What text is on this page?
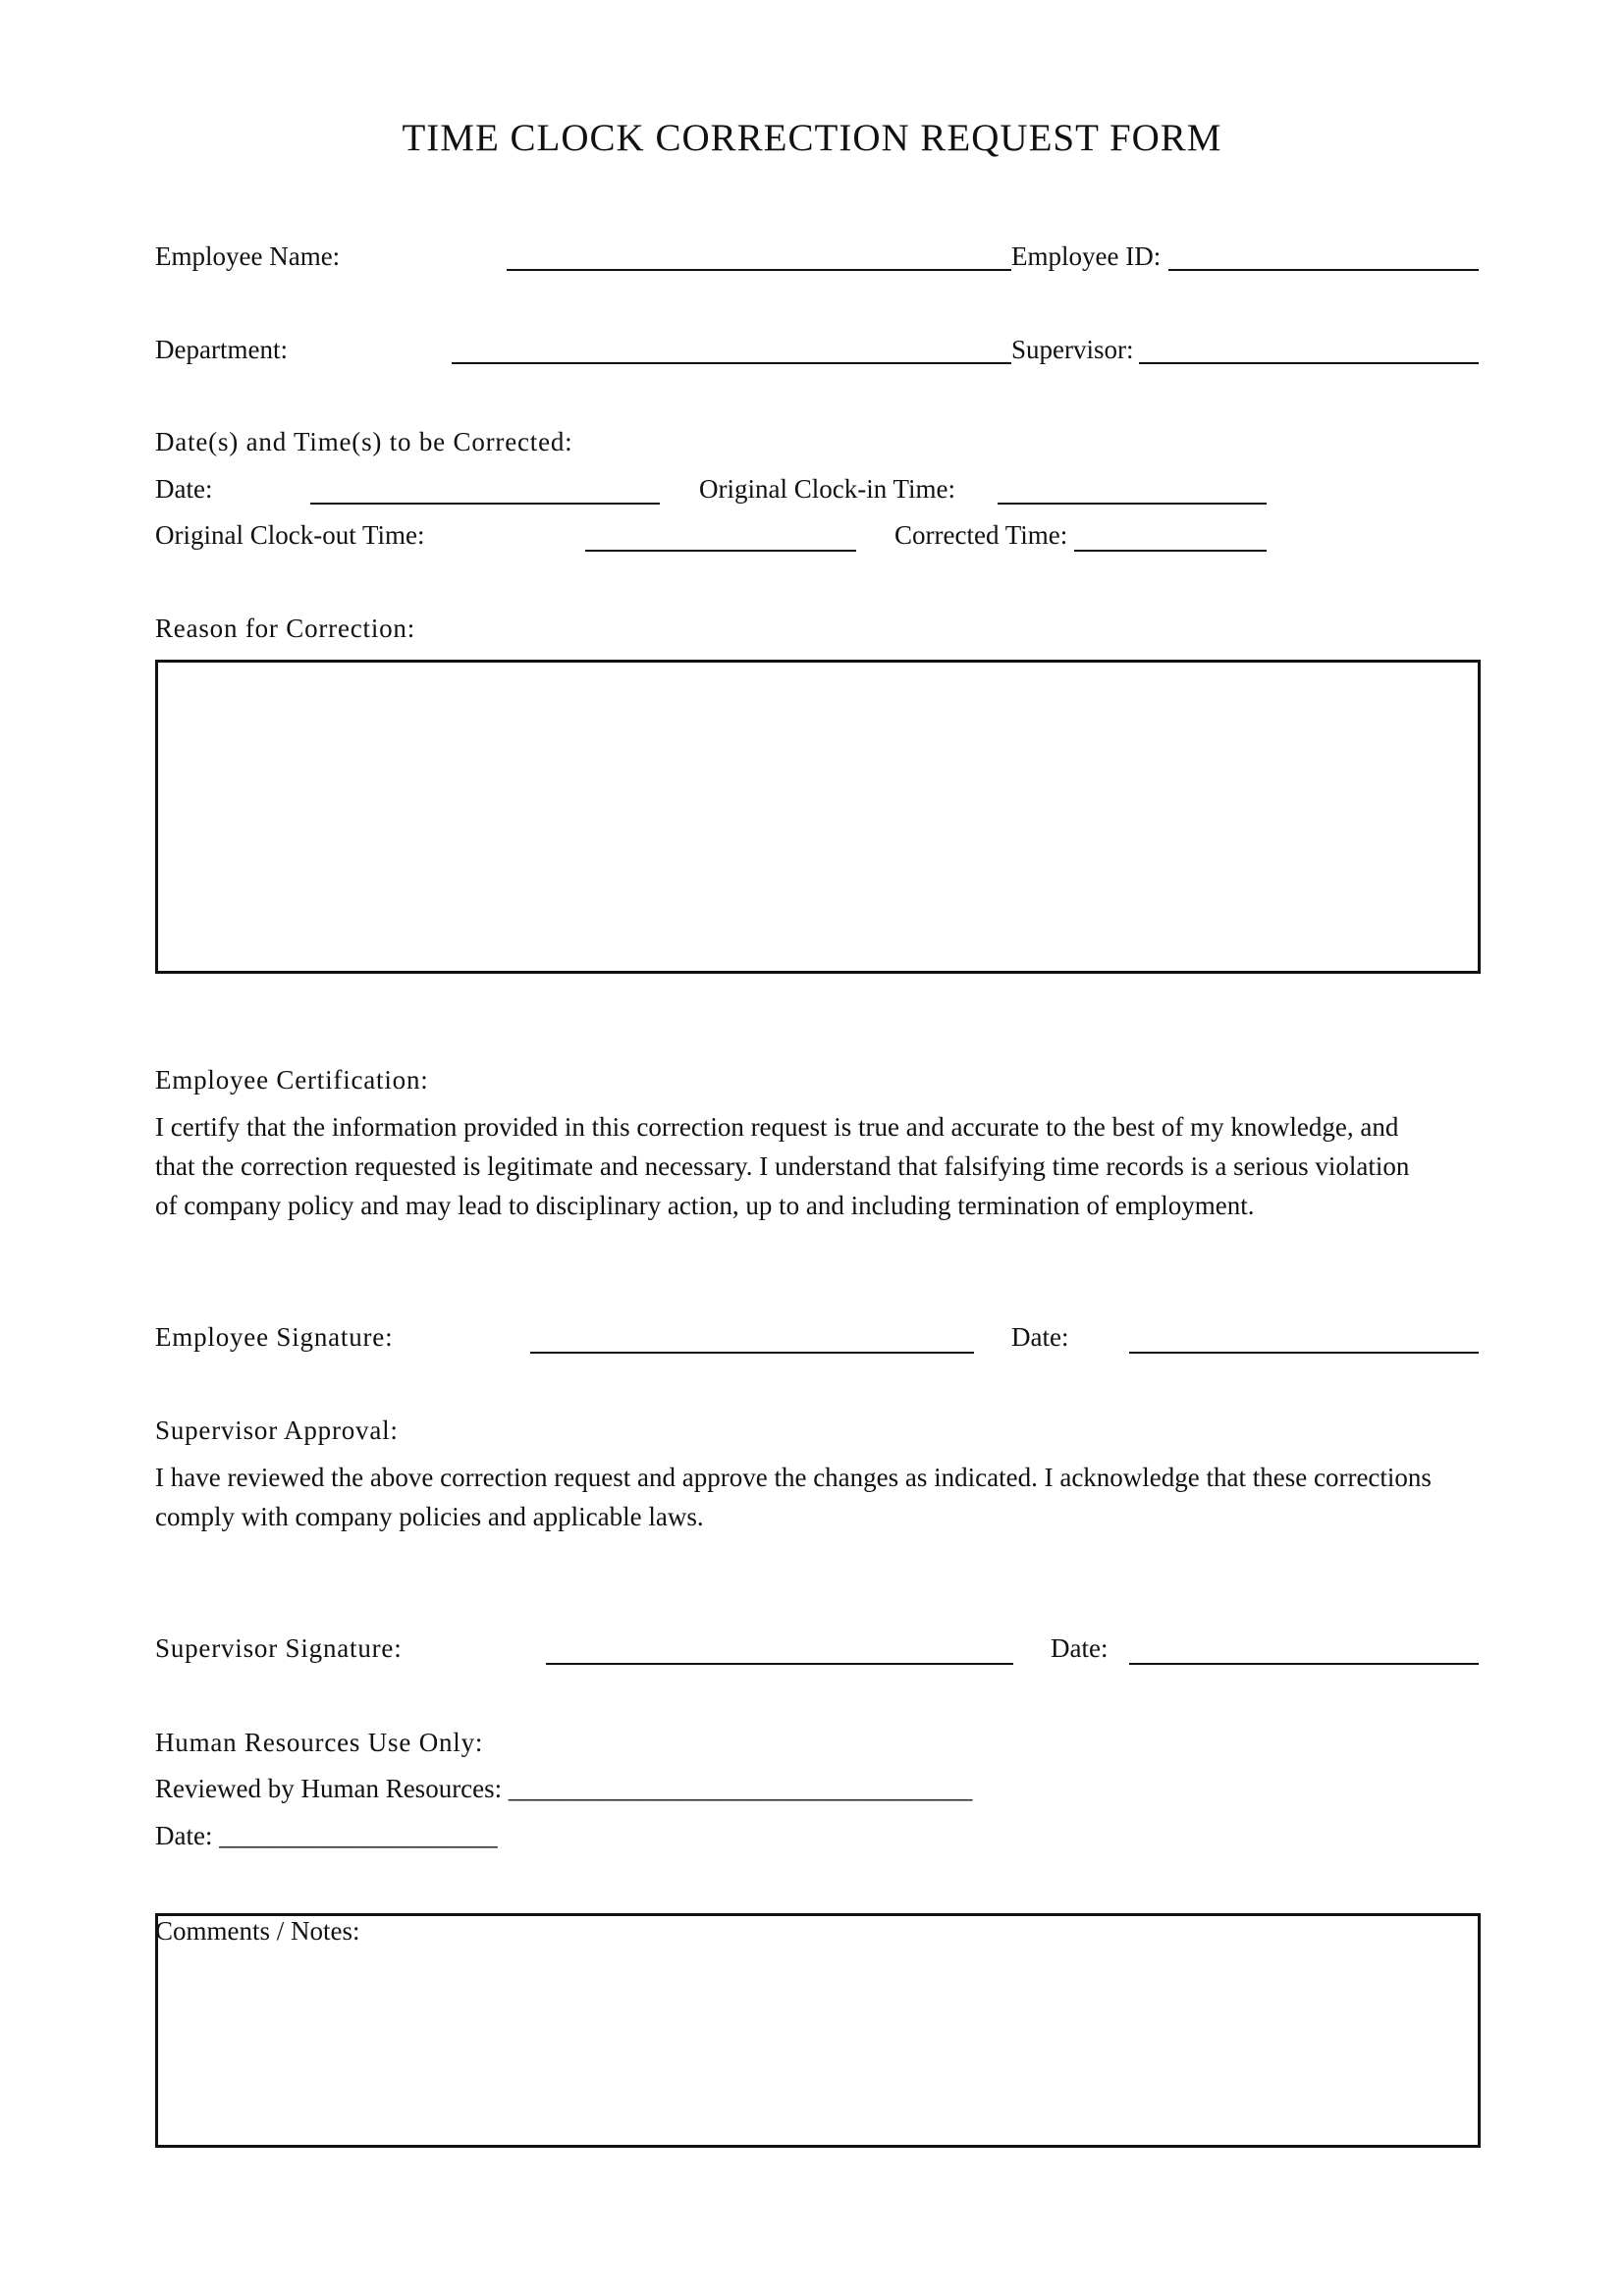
TIME CLOCK CORRECTION REQUEST FORM
Employee Name:	Employee ID:
Department:	Supervisor:
Date(s) and Time(s) to be Corrected:
Date:	Original Clock-in Time:
Original Clock-out Time:	Corrected Time:
Reason for Correction:
Employee Certification:
I certify that the information provided in this correction request is true and accurate to the best of my knowledge, and
that the correction requested is legitimate and necessary. I understand that falsifying time records is a serious violation
of company policy and may lead to disciplinary action, up to and including termination of employment.
Employee Signature:	Date:
Supervisor Approval:
I have reviewed the above correction request and approve the changes as indicated. I acknowledge that these corrections
comply with company policies and applicable laws.
Supervisor Signature:	Date:
Human Resources Use Only:
Reviewed by Human Resources: ___________________________________
Date: _____________________
Comments / Notes:
